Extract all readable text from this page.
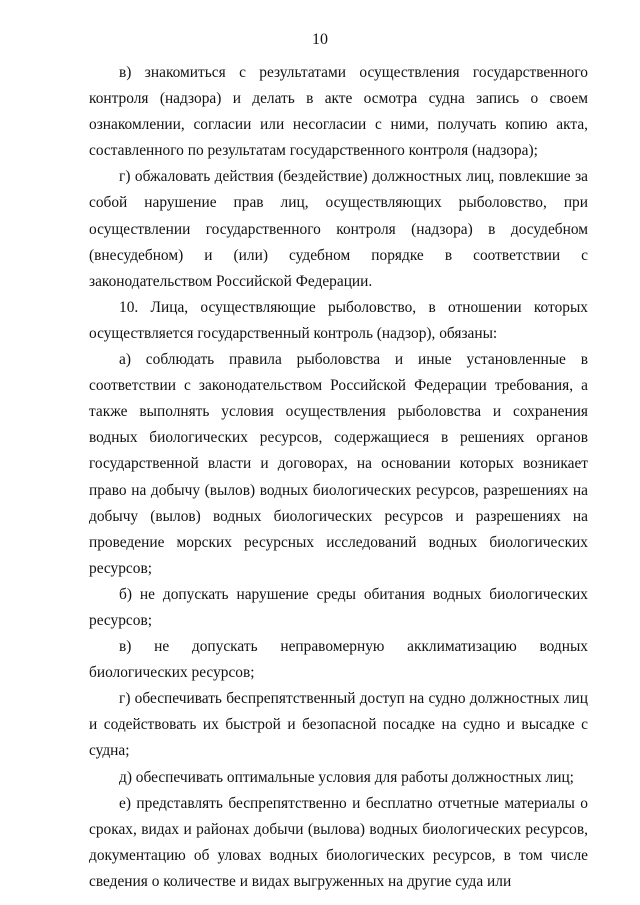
10

в) знакомиться с результатами осуществления государственного контроля (надзора) и делать в акте осмотра судна запись о своем ознакомлении, согласии или несогласии с ними, получать копию акта, составленного по результатам государственного контроля (надзора);

г) обжаловать действия (бездействие) должностных лиц, повлекшие за собой нарушение прав лиц, осуществляющих рыболовство, при осуществлении государственного контроля (надзора) в досудебном (внесудебном) и (или) судебном порядке в соответствии с законодательством Российской Федерации.

10. Лица, осуществляющие рыболовство, в отношении которых осуществляется государственный контроль (надзор), обязаны:

а) соблюдать правила рыболовства и иные установленные в соответствии с законодательством Российской Федерации требования, а также выполнять условия осуществления рыболовства и сохранения водных биологических ресурсов, содержащиеся в решениях органов государственной власти и договорах, на основании которых возникает право на добычу (вылов) водных биологических ресурсов, разрешениях на добычу (вылов) водных биологических ресурсов и разрешениях на проведение морских ресурсных исследований водных биологических ресурсов;

б) не допускать нарушение среды обитания водных биологических ресурсов;

в) не допускать неправомерную акклиматизацию водных биологических ресурсов;

г) обеспечивать беспрепятственный доступ на судно должностных лиц и содействовать их быстрой и безопасной посадке на судно и высадке с судна;

д) обеспечивать оптимальные условия для работы должностных лиц;

е) представлять беспрепятственно и бесплатно отчетные материалы о сроках, видах и районах добычи (вылова) водных биологических ресурсов, документацию об уловах водных биологических ресурсов, в том числе сведения о количестве и видах выгруженных на другие суда или
